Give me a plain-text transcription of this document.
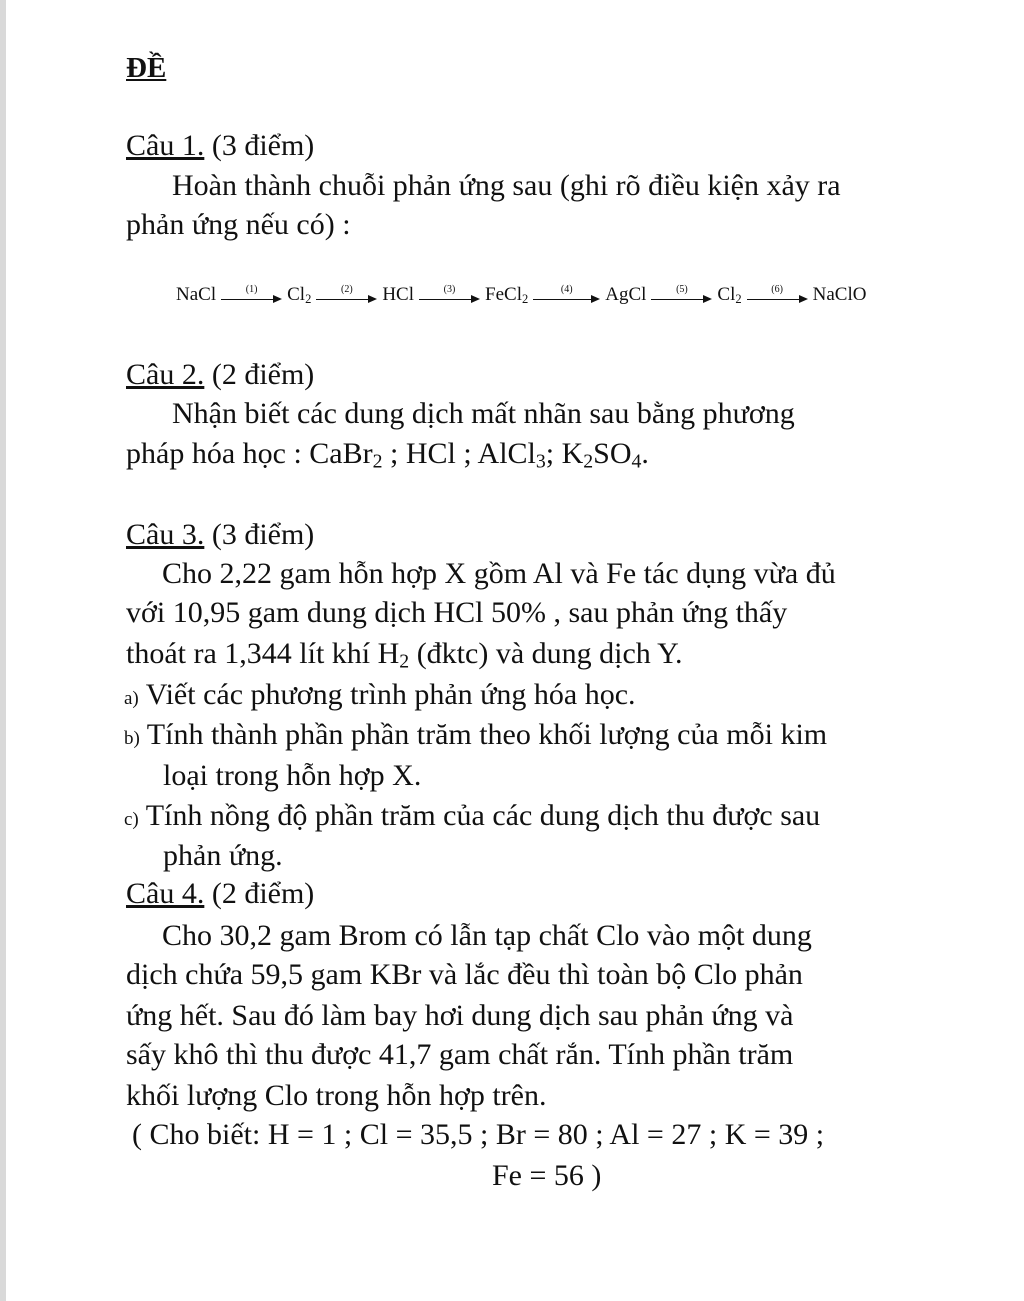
ĐỀ
Câu 1. (3 điểm)
Hoàn thành chuỗi phản ứng sau (ghi rõ điều kiện xảy ra
phản ứng nếu có) :
NaCl	(1) $Cl_2$
(2) HCl	(3) FeCl$_2$
(4) AgCl	(5) $Cl_2$
(6) NaClO
Câu 2. (2 điểm)
Nhận biết các dung dịch mất nhãn sau bằng phương
pháp hóa học : CaBr$_2$ ; HCl ; AlCl$_3$; $K_2SO_4$.
Câu 3. (3 điểm)
Cho 2,22 gam hỗn hợp X gồm Al và Fe tác dụng vừa đủ
với 10,95 gam dung dịch HCl 50% , sau phản ứng thấy
thoát ra 1,344 lít khí $H_2$ (đktc) và dung dịch Y.
a) Viết các phương trình phản ứng hóa học.
b) Tính thành phần phần trăm theo khối lượng của mỗi kim
loại trong hỗn hợp X.
c) Tính nồng độ phần trăm của các dung dịch thu được sau
phản ứng.
Câu 4. (2 điểm)
Cho 30,2 gam Brom có lẫn tạp chất Clo vào một dung
dịch chứa 59,5 gam KBr và lắc đều thì toàn bộ Clo phản
ứng hết. Sau đó làm bay hơi dung dịch sau phản ứng và
sấy khô thì thu được 41,7 gam chất rắn. Tính phần trăm
khối lượng Clo trong hỗn hợp trên.
( Cho biết: H = 1 ; Cl = 35,5 ; Br = 80 ; Al = 27 ; K = 39 ;
Fe = 56 )
